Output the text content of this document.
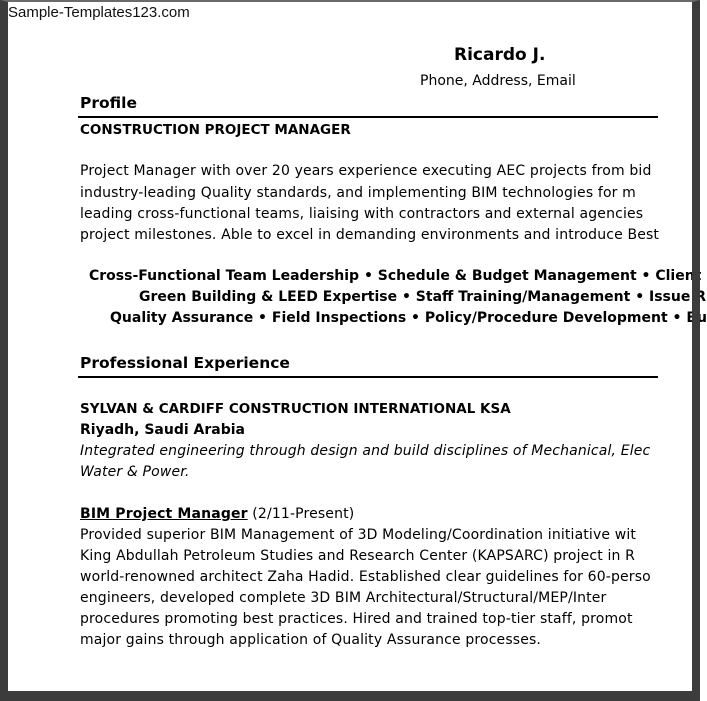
Sample-Templates123.com
Ricardo J.
Phone, Address, Email
Profile
CONSTRUCTION PROJECT MANAGER
Project Manager with over 20 years experience executing AEC projects from bid
industry-leading Quality standards, and implementing BIM technologies for m
leading cross-functional teams, liaising with contractors and external agencies
project milestones. Able to excel in demanding environments and introduce Best
Cross-Functional Team Leadership • Schedule & Budget Management • Client
Green Building & LEED Expertise • Staff Training/Management • Issue R
Quality Assurance • Field Inspections • Policy/Procedure Development • Bu
Professional Experience
SYLVAN & CARDIFF CONSTRUCTION INTERNATIONAL KSA
Riyadh, Saudi Arabia
Integrated engineering through design and build disciplines of Mechanical, Elec
Water & Power.
BIM Project Manager (2/11-Present)
Provided superior BIM Management of 3D Modeling/Coordination initiative wit
King Abdullah Petroleum Studies and Research Center (KAPSARC) project in R
world-renowned architect Zaha Hadid. Established clear guidelines for 60-perso
engineers, developed complete 3D BIM Architectural/Structural/MEP/Inter
procedures promoting best practices. Hired and trained top-tier staff, promot
major gains through application of Quality Assurance processes.
